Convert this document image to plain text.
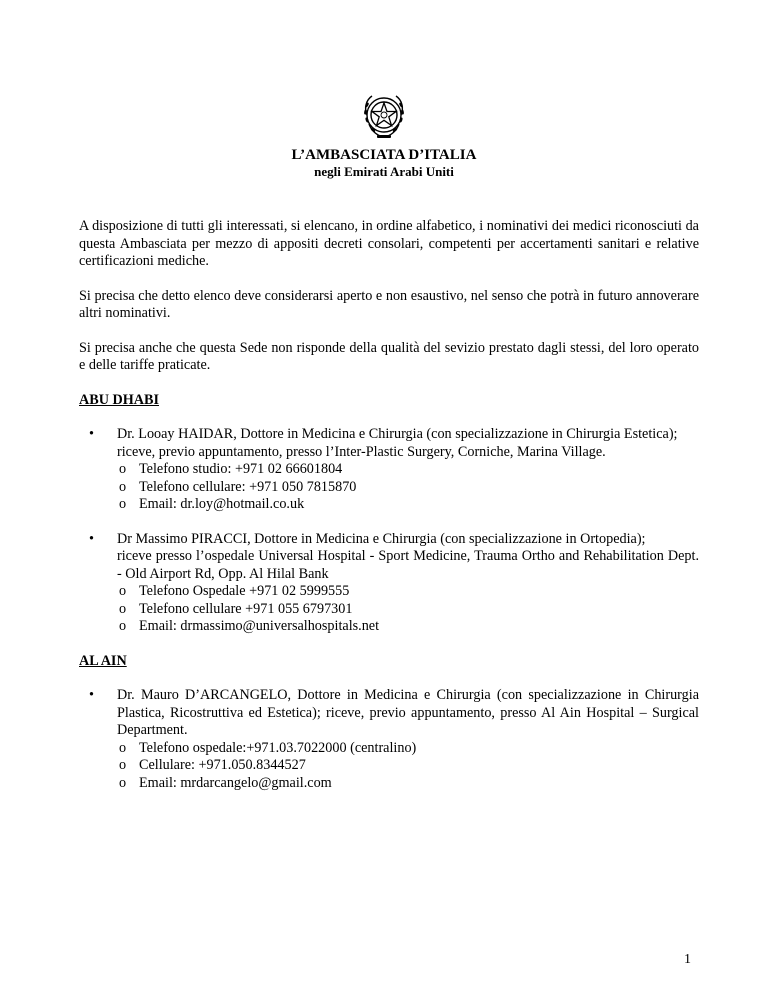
L’AMBASCIATA D’ITALIA
negli Emirati Arabi Uniti

A disposizione di tutti gli interessati, si elencano, in ordine alfabetico, i nominativi dei medici riconosciuti da questa Ambasciata per mezzo di appositi decreti consolari, competenti per accertamenti sanitari e relative certificazioni mediche.

Si precisa che detto elenco deve considerarsi aperto e non esaustivo, nel senso che potrà in futuro annoverare altri nominativi.

Si precisa anche che questa Sede non risponde della qualità del sevizio prestato dagli stessi, del loro operato e delle tariffe praticate.

ABU DHABI

• Dr. Looay HAIDAR, Dottore in Medicina e Chirurgia (con specializzazione in Chirurgia Estetica);
riceve, previo appuntamento, presso l’Inter-Plastic Surgery, Corniche, Marina Village.
o Telefono studio: +971 02 66601804
o Telefono cellulare: +971 050 7815870
o Email: dr.loy@hotmail.co.uk
• Dr Massimo PIRACCI, Dottore in Medicina e Chirurgia (con specializzazione in Ortopedia);
riceve presso l’ospedale Universal Hospital - Sport Medicine, Trauma Ortho and Rehabilitation Dept. - Old Airport Rd, Opp. Al Hilal Bank
o Telefono Ospedale +971 02 5999555
o Telefono cellulare +971 055 6797301
o Email: drmassimo@universalhospitals.net

AL AIN

• Dr. Mauro D’ARCANGELO, Dottore in Medicina e Chirurgia (con specializzazione in Chirurgia Plastica, Ricostruttiva ed Estetica); riceve, previo appuntamento, presso Al Ain Hospital – Surgical Department.
o Telefono ospedale:+971.03.7022000 (centralino)
o Cellulare: +971.050.8344527
o Email: mrdarcangelo@gmail.com
1
